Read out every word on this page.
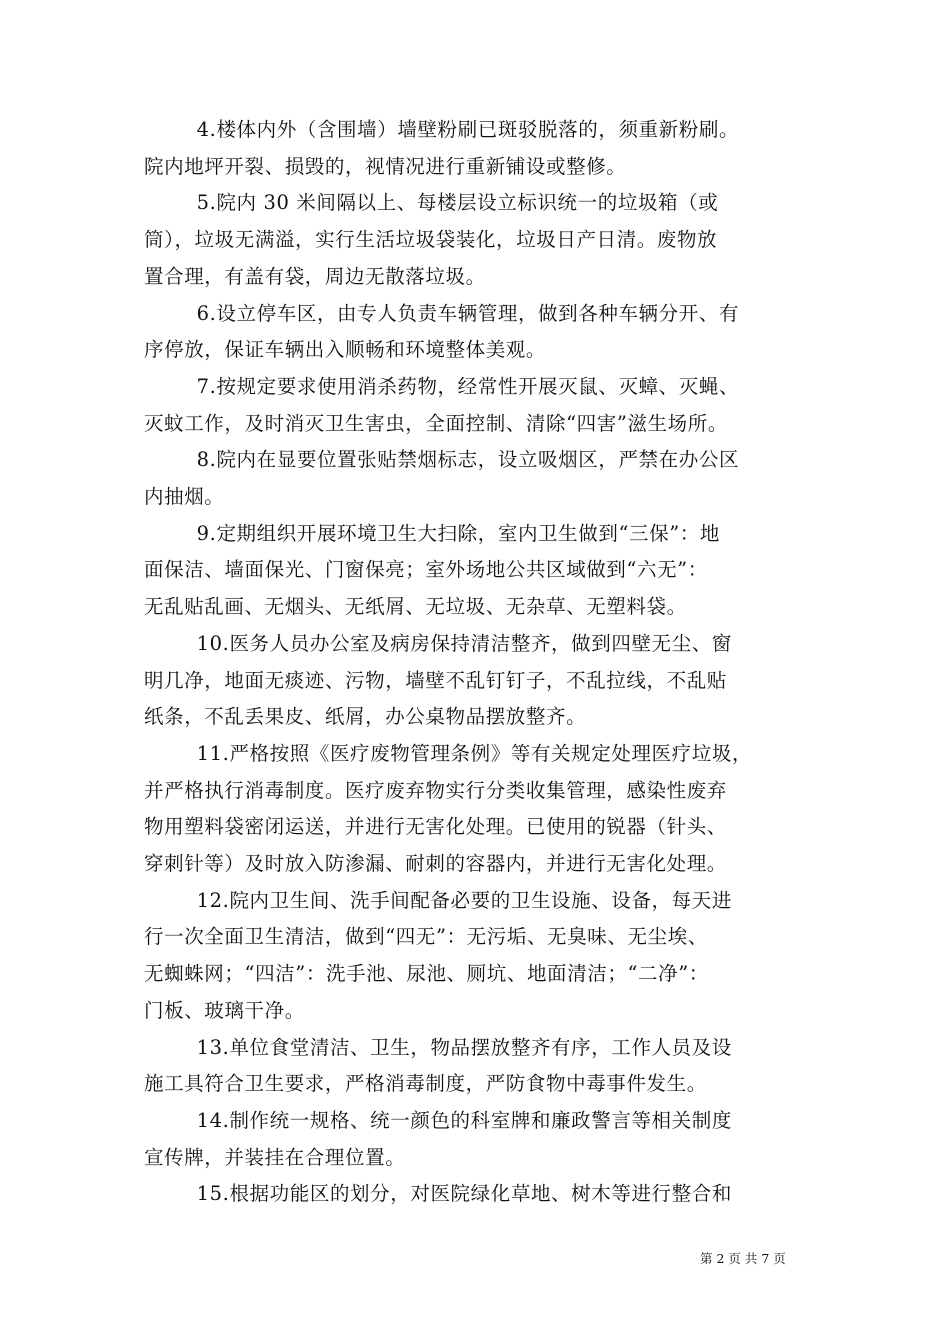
4.楼体内外（含围墙）墙壁粉刷已斑驳脱落的，须重新粉刷。
院内地坪开裂、损毁的，视情况进行重新铺设或整修。

5.院内 30 米间隔以上、每楼层设立标识统一的垃圾箱（或
筒），垃圾无满溢，实行生活垃圾袋装化，垃圾日产日清。废物放
置合理，有盖有袋，周边无散落垃圾。

6.设立停车区，由专人负责车辆管理，做到各种车辆分开、有
序停放，保证车辆出入顺畅和环境整体美观。

7.按规定要求使用消杀药物，经常性开展灭鼠、灭蟑、灭蝇、
灭蚊工作，及时消灭卫生害虫，全面控制、清除“四害”滋生场所。

8.院内在显要位置张贴禁烟标志，设立吸烟区，严禁在办公区
内抽烟。

9.定期组织开展环境卫生大扫除，室内卫生做到“三保”：地
面保洁、墙面保光、门窗保亮；室外场地公共区域做到“六无”：
无乱贴乱画、无烟头、无纸屑、无垃圾、无杂草、无塑料袋。

10.医务人员办公室及病房保持清洁整齐，做到四壁无尘、窗
明几净，地面无痰迹、污物，墙壁不乱钉钉子，不乱拉线，不乱贴
纸条，不乱丢果皮、纸屑，办公桌物品摆放整齐。

11.严格按照《医疗废物管理条例》等有关规定处理医疗垃圾，
并严格执行消毒制度。医疗废弃物实行分类收集管理，感染性废弃
物用塑料袋密闭运送，并进行无害化处理。已使用的锐器（针头、
穿刺针等）及时放入防渗漏、耐刺的容器内，并进行无害化处理。

12.院内卫生间、洗手间配备必要的卫生设施、设备，每天进
行一次全面卫生清洁，做到“四无”：无污垢、无臭味、无尘埃、
无蜘蛛网；“四洁”：洗手池、尿池、厕坑、地面清洁；“二净”：
门板、玻璃干净。

13.单位食堂清洁、卫生，物品摆放整齐有序，工作人员及设
施工具符合卫生要求，严格消毒制度，严防食物中毒事件发生。

14.制作统一规格、统一颜色的科室牌和廉政警言等相关制度
宣传牌，并装挂在合理位置。

15.根据功能区的划分，对医院绿化草地、树木等进行整合和

第 2 页 共 7 页
